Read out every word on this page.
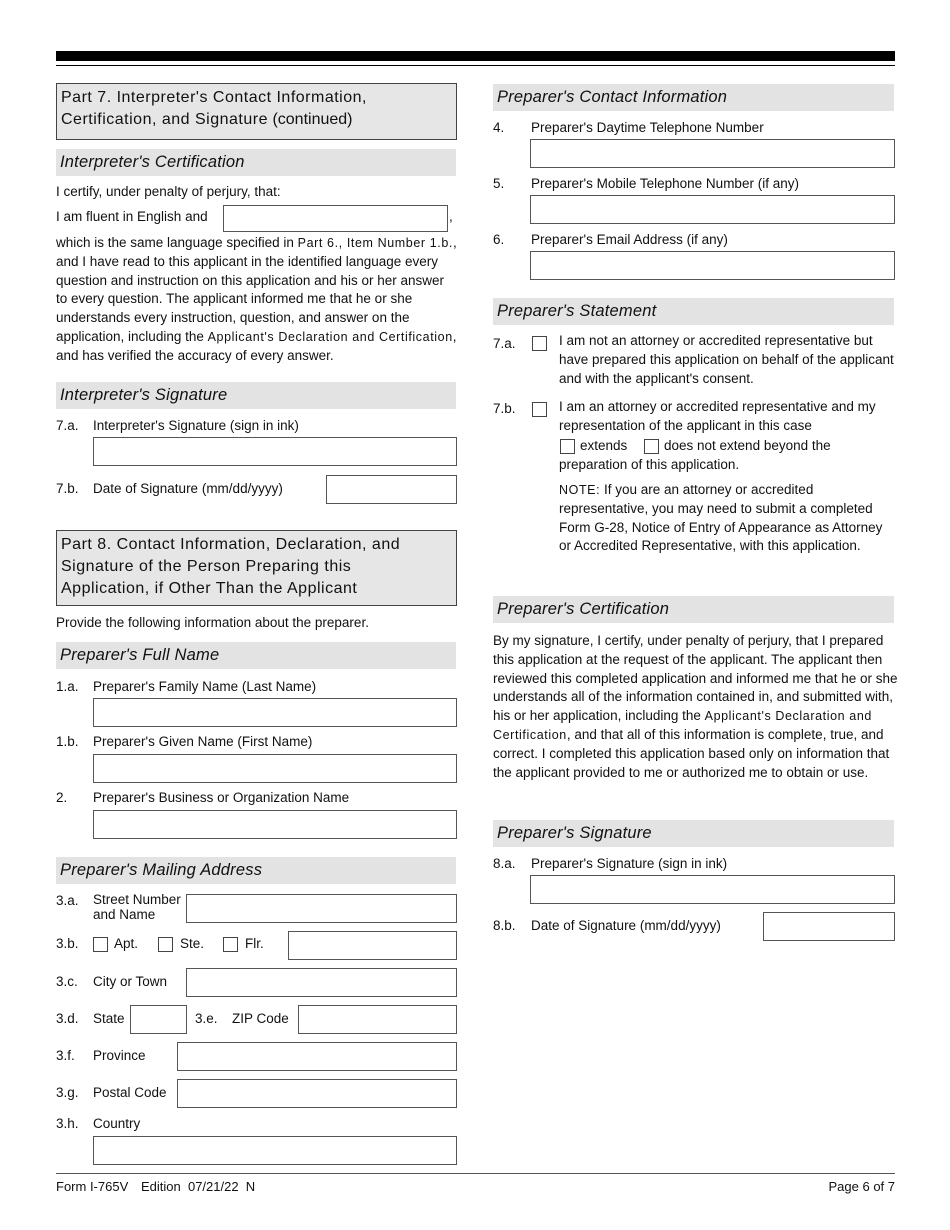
Part 7. Interpreter's Contact Information,
Certification, and Signature (continued)
Interpreter's Certification
I certify, under penalty of perjury, that:
I am fluent in English and	,
which is the same language specified in Part 6., Item Number 1.b., and I have read to this applicant in the identified language every question and instruction on this application and his or her answer to every question. The applicant informed me that he or she understands every instruction, question, and answer on the application, including the Applicant's Declaration and Certification, and has verified the accuracy of every answer.
Interpreter's Signature
7.a. Interpreter's Signature (sign in ink)
7.b. Date of Signature (mm/dd/yyyy)
Part 8. Contact Information, Declaration, and
Signature of the Person Preparing this
Application, if Other Than the Applicant
Provide the following information about the preparer.
Preparer's Full Name
1.a. Preparer's Family Name (Last Name)
1.b. Preparer's Given Name (First Name)
2. Preparer's Business or Organization Name
Preparer's Mailing Address
3.a. Street Number
and Name
3.b.	Apt.	Ste.	Flr.
3.c. City or Town
3.d. State	3.e. ZIP Code
3.f. Province
3.g. Postal Code
3.h. Country
Preparer's Contact Information
4. Preparer's Daytime Telephone Number
5. Preparer's Mobile Telephone Number (if any)
6. Preparer's Email Address (if any)
Preparer's Statement
7.a.	I am not an attorney or accredited representative but have prepared this application on behalf of the applicant and with the applicant's consent.
7.b.	I am an attorney or accredited representative and my representation of the applicant in this case
extends	does not extend beyond the
preparation of this application.
NOTE: If you are an attorney or accredited representative, you may need to submit a completed Form G-28, Notice of Entry of Appearance as Attorney or Accredited Representative, with this application.
Preparer's Certification
By my signature, I certify, under penalty of perjury, that I prepared this application at the request of the applicant. The applicant then reviewed this completed application and informed me that he or she understands all of the information contained in, and submitted with, his or her application, including the Applicant's Declaration and Certification, and that all of this information is complete, true, and correct. I completed this application based only on information that the applicant provided to me or authorized me to obtain or use.
Preparer's Signature
8.a. Preparer's Signature (sign in ink)
8.b. Date of Signature (mm/dd/yyyy)
Form I-765V Edition  07/21/22  N	Page 6 of 7
